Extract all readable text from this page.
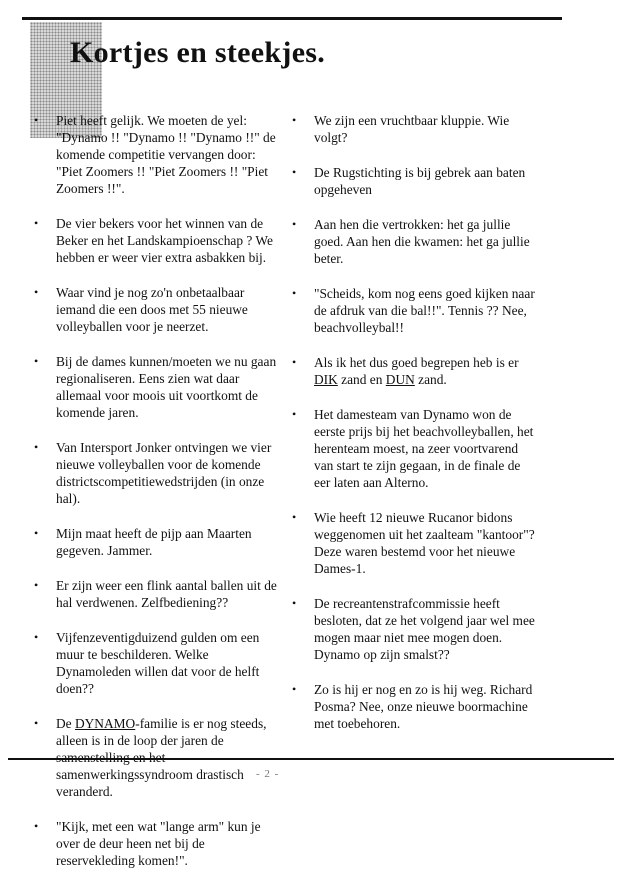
Kortjes en steekjes.
• Piet heeft gelijk. We moeten de yel: "Dynamo !! "Dynamo !! "Dynamo !!" de komende competitie vervangen door: "Piet Zoomers !! "Piet Zoomers !! "Piet Zoomers !!".
• De vier bekers voor het winnen van de Beker en het Landskampioenschap ? We hebben er weer vier extra asbakken bij.
• Waar vind je nog zo'n onbetaalbaar iemand die een doos met 55 nieuwe volleyballen voor je neerzet.
• Bij de dames kunnen/moeten we nu gaan regionaliseren. Eens zien wat daar allemaal voor moois uit voortkomt de komende jaren.
• Van Intersport Jonker ontvingen we vier nieuwe volleyballen voor de komende districtscompetitiewedstrijden (in onze hal).
• Mijn maat heeft de pijp aan Maarten gegeven. Jammer.
• Er zijn weer een flink aantal ballen uit de hal verdwenen. Zelfbediening??
• Vijfenzeventigduizend gulden om een muur te beschilderen. Welke Dynamoleden willen dat voor de helft doen??
• De DYNAMO-familie is er nog steeds, alleen is in de loop der jaren de samenwerkingssyndroom drastisch veranderd.
• "Kijk, met een wat "lange arm" kun je over de deur heen net bij de reservekleding komen!".
• We zijn een vruchtbaar kluppie. Wie volgt?
• De Rugstichting is bij gebrek aan baten opgeheven
• Aan hen die vertrokken: het ga jullie goed. Aan hen die kwamen: het ga jullie beter.
• "Scheids, kom nog eens goed kijken naar de afdruk van die bal!!". Tennis ?? Nee, beachvolleybal!!
• Als ik het dus goed begrepen heb is er DIK zand en DUN zand.
• Het damesteam van Dynamo won de eerste prijs bij het beachvolleyballen, het herenteam moest, na zeer voortvarend van start te zijn gegaan, in de finale de eer laten aan Alterno.
• Wie heeft 12 nieuwe Rucanor bidons weggenomen uit het zaalteam "kantoor"? Deze waren bestemd voor het nieuwe Dames-1.
• De recreantenstrafcommissie heeft besloten, dat ze het volgend jaar wel mee mogen maar niet mee mogen doen. Dynamo op zijn smalst??
• Zo is hij er nog en zo is hij weg. Richard Posma? Nee, onze nieuwe boormachine met toebehoren.
- 2 -
